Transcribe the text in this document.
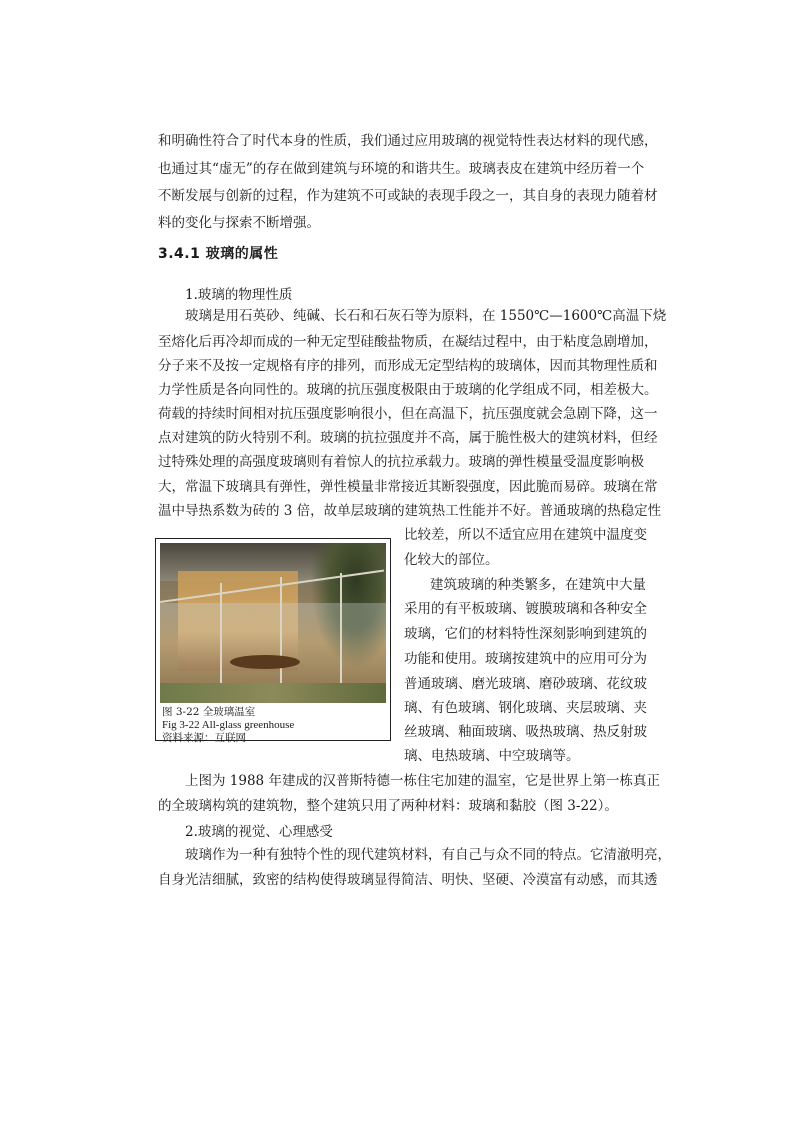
和明确性符合了时代本身的性质，我们通过应用玻璃的视觉特性表达材料的现代感，
也通过其“虚无”的存在做到建筑与环境的和谐共生。玻璃表皮在建筑中经历着一个
不断发展与创新的过程，作为建筑不可或缺的表现手段之一，其自身的表现力随着材
料的变化与探索不断增强。
3.4.1 玻璃的属性
1.玻璃的物理性质
玻璃是用石英砂、纯碱、长石和石灰石等为原料，在 1550℃—1600℃高温下烧
至熔化后再冷却而成的一种无定型硅酸盐物质，在凝结过程中，由于粘度急剧增加，
分子来不及按一定规格有序的排列，而形成无定型结构的玻璃体，因而其物理性质和
力学性质是各向同性的。玻璃的抗压强度极限由于玻璃的化学组成不同，相差极大。
荷载的持续时间相对抗压强度影响很小，但在高温下，抗压强度就会急剧下降，这一
点对建筑的防火特别不利。玻璃的抗拉强度并不高，属于脆性极大的建筑材料，但经
过特殊处理的高强度玻璃则有着惊人的抗拉承载力。玻璃的弹性模量受温度影响极
大，常温下玻璃具有弹性，弹性模量非常接近其断裂强度，因此脆而易碎。玻璃在常
温中导热系数为砖的 3 倍，故单层玻璃的建筑热工性能并不好。普通玻璃的热稳定性
比较差，所以不适宜应用在建筑中温度变
化较大的部位。
建筑玻璃的种类繁多，在建筑中大量
采用的有平板玻璃、镀膜玻璃和各种安全
玻璃，它们的材料特性深刻影响到建筑的
功能和使用。玻璃按建筑中的应用可分为
普通玻璃、磨光玻璃、磨砂玻璃、花纹玻
璃、有色玻璃、钢化玻璃、夹层玻璃、夹
丝玻璃、釉面玻璃、吸热玻璃、热反射玻
璃、电热玻璃、中空玻璃等。
图 3-22 全玻璃温室
Fig 3-22 All-glass greenhouse
资料来源：互联网
上图为 1988 年建成的汉普斯特德一栋住宅加建的温室，它是世界上第一栋真正
的全玻璃构筑的建筑物，整个建筑只用了两种材料：玻璃和黏胶（图 3-22）。
2.玻璃的视觉、心理感受
玻璃作为一种有独特个性的现代建筑材料，有自己与众不同的特点。它清澈明亮，
自身光洁细腻，致密的结构使得玻璃显得简洁、明快、坚硬、冷漠富有动感，而其透
